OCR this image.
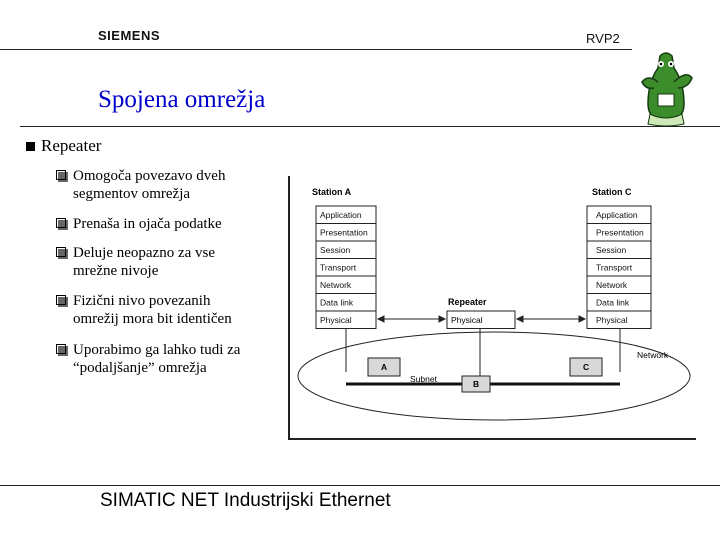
SIEMENS	RVP2
Spojena omrežja
Repeater
Omogoča povezavo dveh
segmentov omrežja
Prenaša in ojača podatke
Deluje neopazno za vse
mrežne nivoje
Fizični nivo povezanih
omrežij mora bit identičen
Uporabimo ga lahko tudi za
“podaljšanje” omrežja
Station A	Station C
Application
Presentation
Session
Transport
Network
Data link
Physical
Application
Presentation
Session
Transport
Network
Data link
Physical
Repeater
Physical
Network
Subnet
A
B
C
SIMATIC NET Industrijski Ethernet
